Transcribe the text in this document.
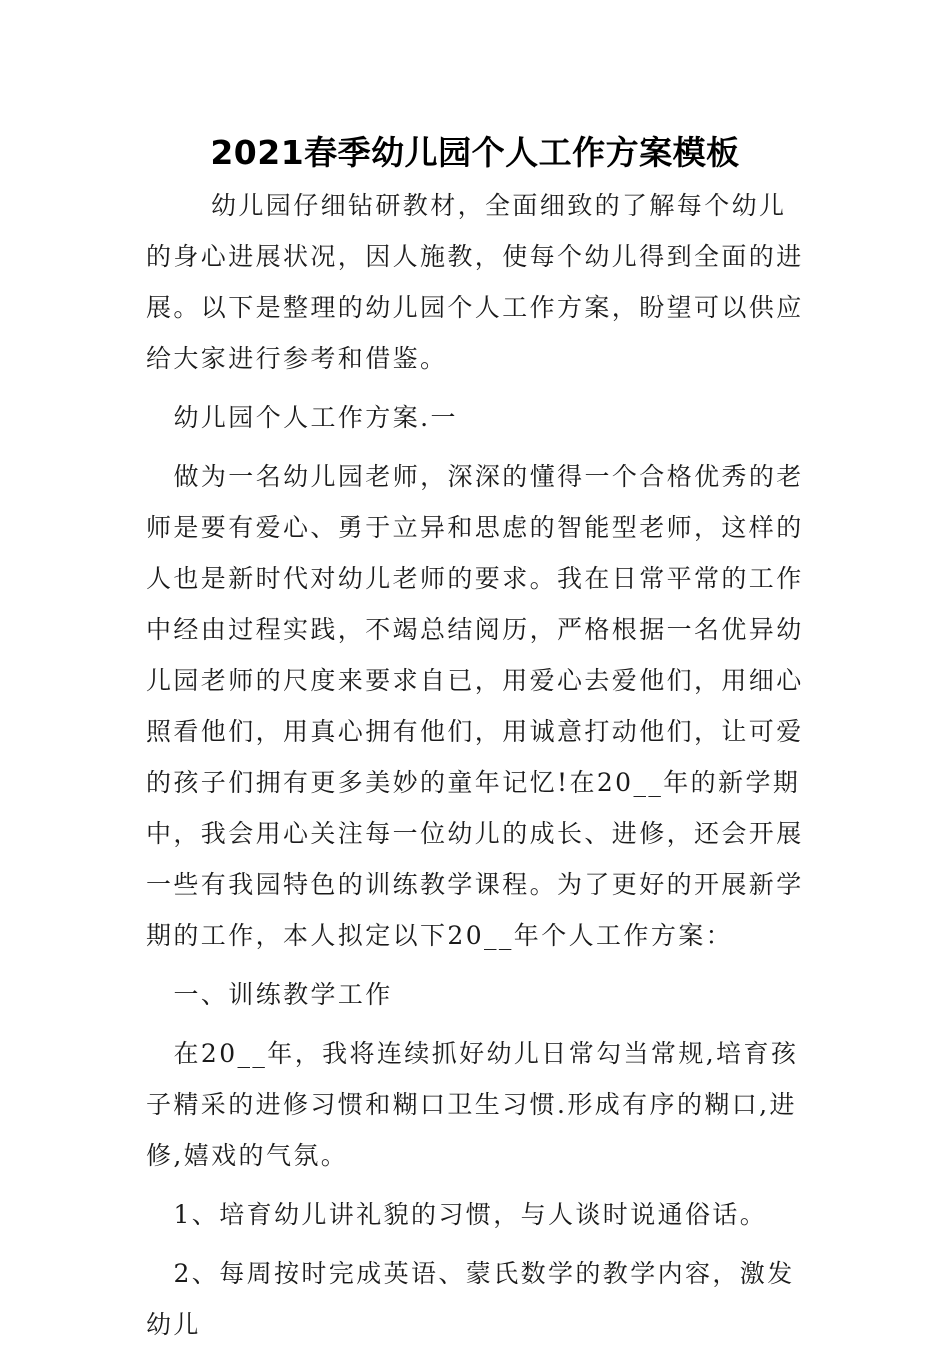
2021春季幼儿园个人工作方案模板

幼儿园仔细钻研教材，全面细致的了解每个幼儿的身心进展状况，因人施教，使每个幼儿得到全面的进展。以下是整理的幼儿园个人工作方案，盼望可以供应给大家进行参考和借鉴。

幼儿园个人工作方案.一

做为一名幼儿园老师，深深的懂得一个合格优秀的老师是要有爱心、勇于立异和思虑的智能型老师，这样的人也是新时代对幼儿老师的要求。我在日常平常的工作中经由过程实践，不竭总结阅历，严格根据一名优异幼儿园老师的尺度来要求自已，用爱心去爱他们，用细心照看他们，用真心拥有他们，用诚意打动他们，让可爱的孩子们拥有更多美妙的童年记忆!在20__年的新学期中，我会用心关注每一位幼儿的成长、进修，还会开展一些有我园特色的训练教学课程。为了更好的开展新学期的工作，本人拟定以下20__年个人工作方案：

一、训练教学工作

在20__年，我将连续抓好幼儿日常勾当常规,培育孩子精采的进修习惯和糊口卫生习惯.形成有序的糊口,进修,嬉戏的气氛。

1、培育幼儿讲礼貌的习惯，与人谈时说通俗话。

2、每周按时完成英语、蒙氏数学的教学内容，激发幼儿
